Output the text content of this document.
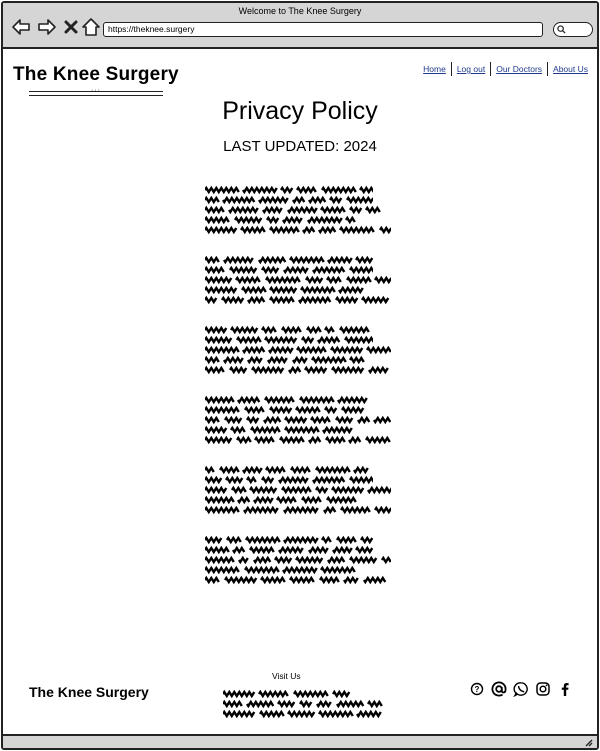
Welcome to The Knee Surgery
https://theknee.surgery
The Knee Surgery
···
Home	Log out	Our Doctors	About Us
Privacy Policy
LAST UPDATED: 2024
The Knee Surgery
Visit Us
?
